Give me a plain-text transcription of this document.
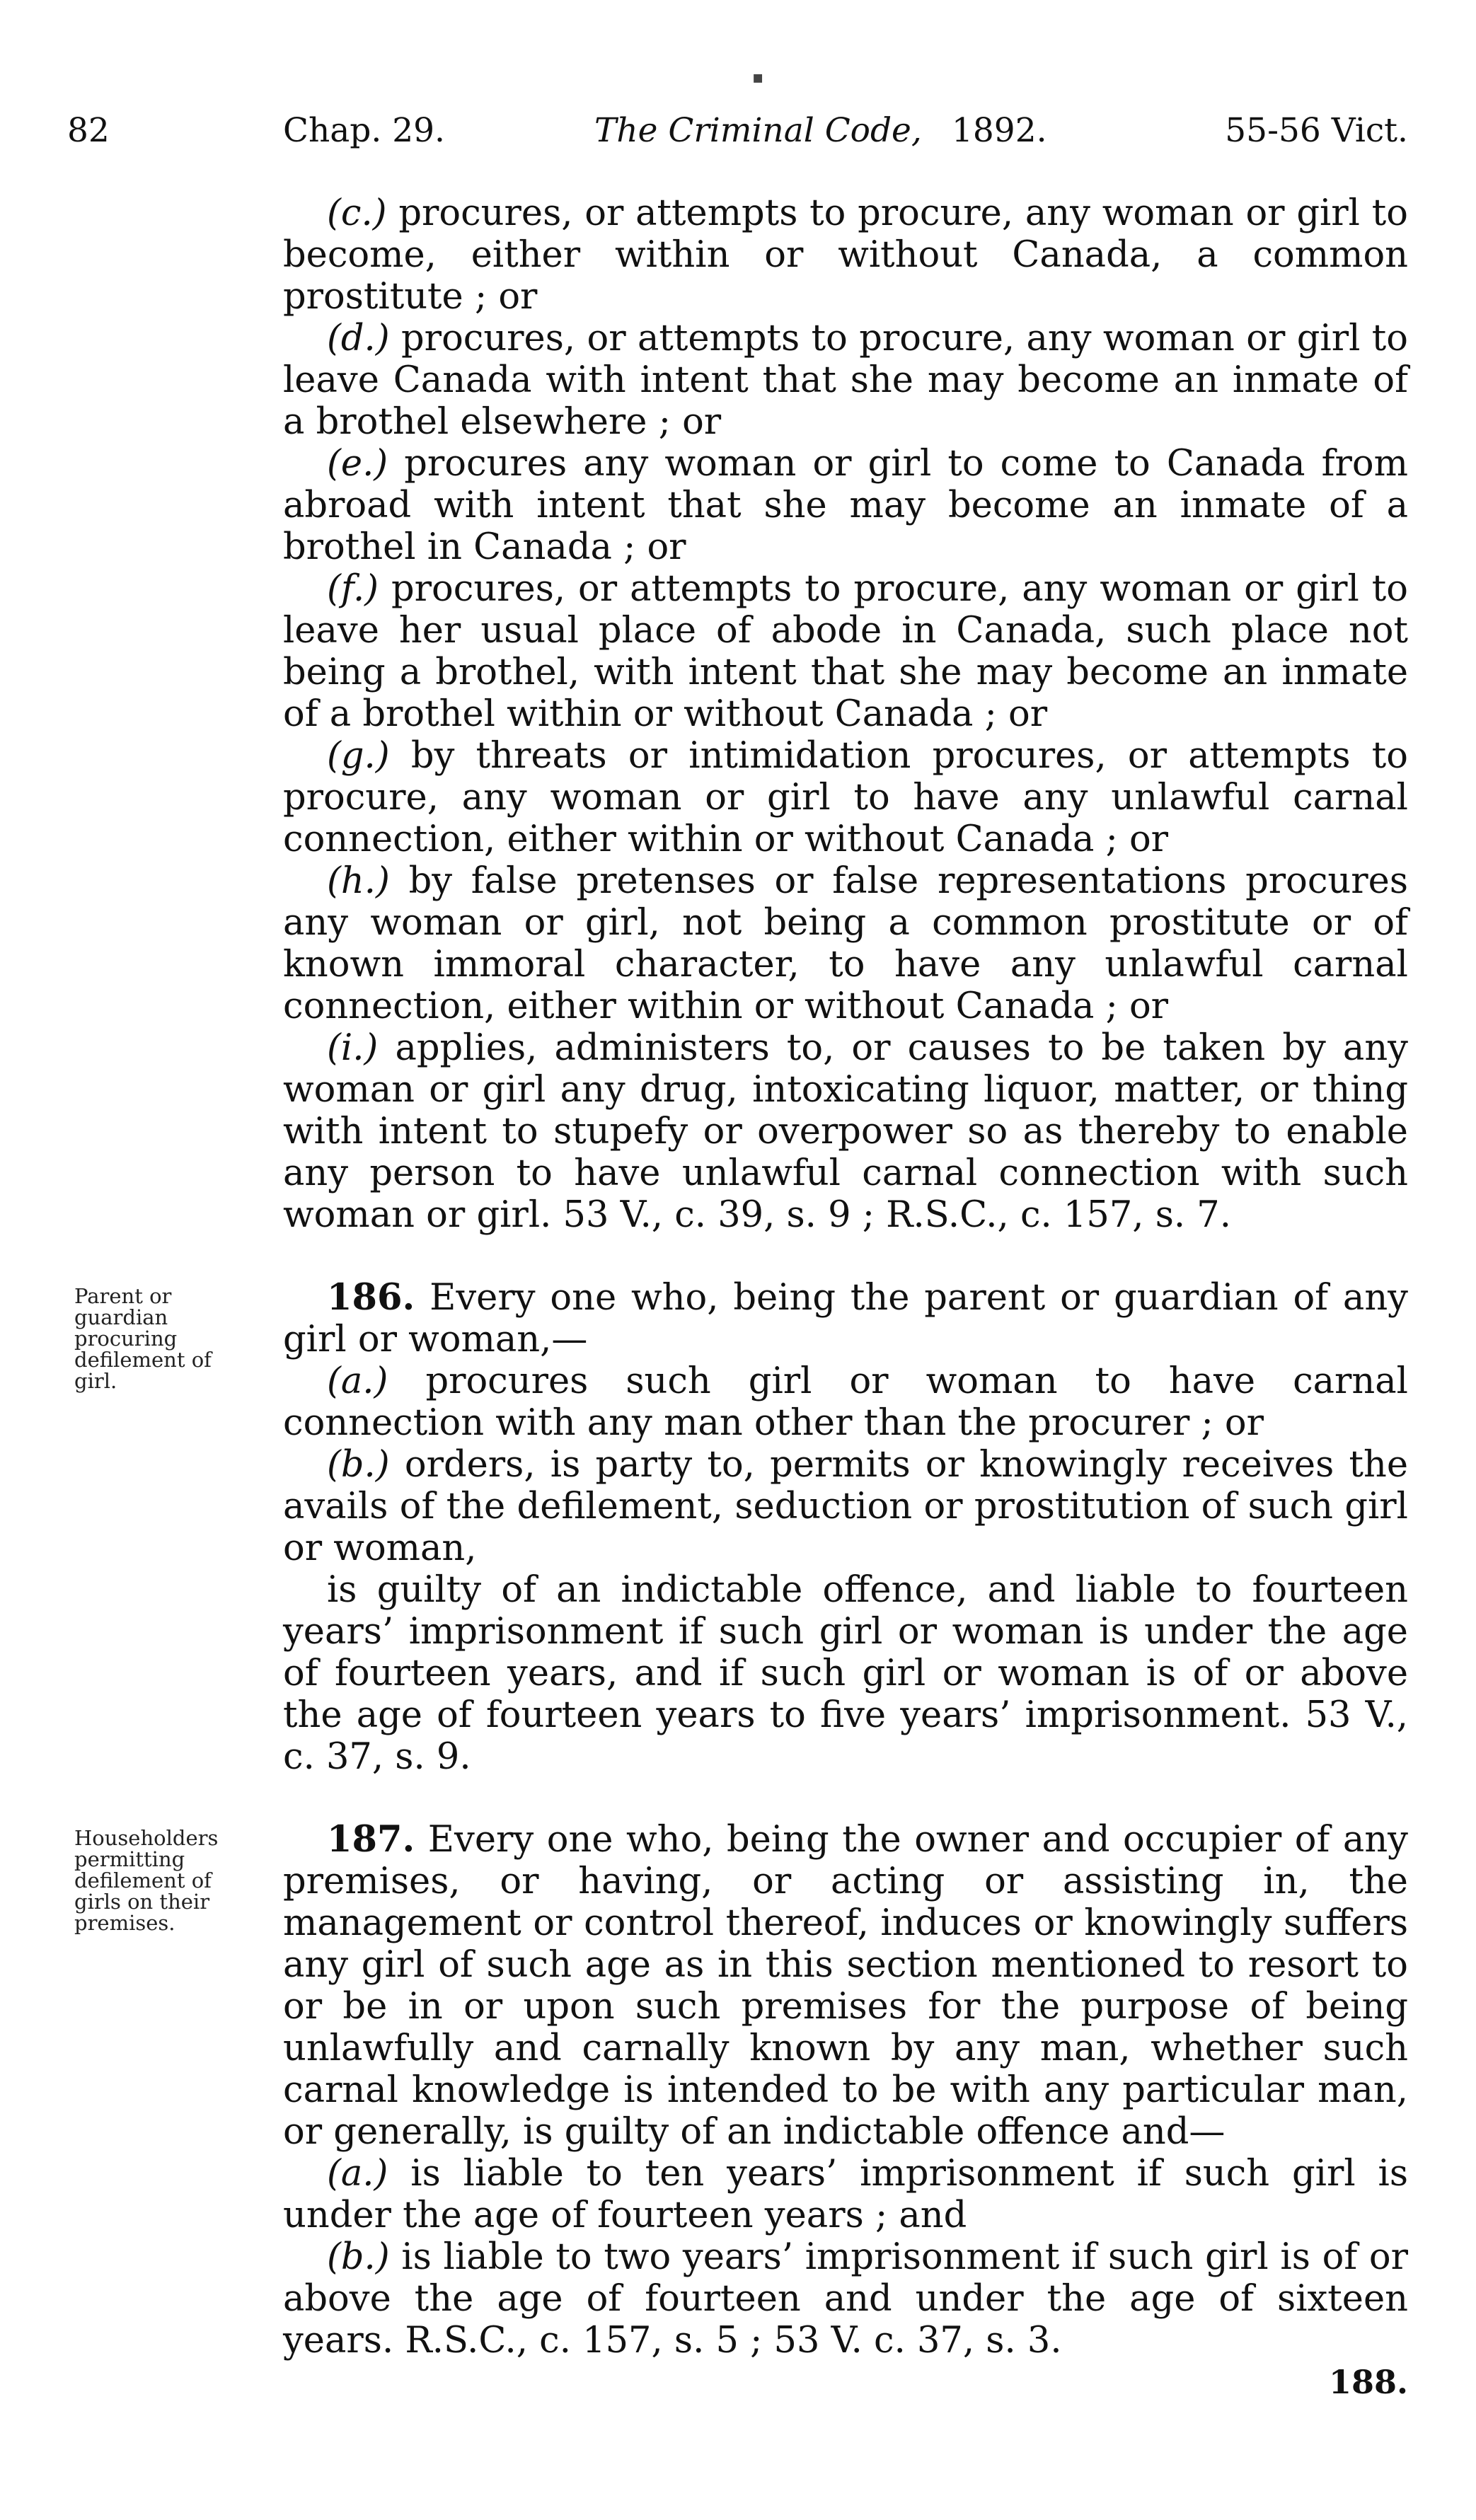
▪
82	Chap. 29.	The Criminal Code, 1892.	55-56 Vict.

(c.) procures, or attempts to procure, any woman or girl to become, either within or without Canada, a common prostitute ; or

(d.) procures, or attempts to procure, any woman or girl to leave Canada with intent that she may become an inmate of a brothel elsewhere ; or

(e.) procures any woman or girl to come to Canada from abroad with intent that she may become an inmate of a brothel in Canada ; or

(f.) procures, or attempts to procure, any woman or girl to leave her usual place of abode in Canada, such place not being a brothel, with intent that she may become an inmate of a brothel within or without Canada ; or

(g.) by threats or intimidation procures, or attempts to procure, any woman or girl to have any unlawful carnal connection, either within or without Canada ; or

(h.) by false pretenses or false representations procures any woman or girl, not being a common prostitute or of known immoral character, to have any unlawful carnal connection, either within or without Canada ; or

(i.) applies, administers to, or causes to be taken by any woman or girl any drug, intoxicating liquor, matter, or thing with intent to stupefy or overpower so as thereby to enable any person to have unlawful carnal connection with such woman or girl. 53 V., c. 39, s. 9 ; R.S.C., c. 157, s. 7.

Parent or guardian procuring defilement of girl.

186. Every one who, being the parent or guardian of any girl or woman,—

(a.) procures such girl or woman to have carnal connection with any man other than the procurer ; or

(b.) orders, is party to, permits or knowingly receives the avails of the defilement, seduction or prostitution of such girl or woman,

is guilty of an indictable offence, and liable to fourteen years’ imprisonment if such girl or woman is under the age of fourteen years, and if such girl or woman is of or above the age of fourteen years to five years’ imprisonment. 53 V., c. 37, s. 9.

Householders permitting defilement of girls on their premises.

187. Every one who, being the owner and occupier of any premises, or having, or acting or assisting in, the management or control thereof, induces or knowingly suffers any girl of such age as in this section mentioned to resort to or be in or upon such premises for the purpose of being unlawfully and carnally known by any man, whether such carnal knowledge is intended to be with any particular man, or generally, is guilty of an indictable offence and—

(a.) is liable to ten years’ imprisonment if such girl is under the age of fourteen years ; and

(b.) is liable to two years’ imprisonment if such girl is of or above the age of fourteen and under the age of sixteen years. R.S.C., c. 157, s. 5 ; 53 V. c. 37, s. 3.

188.
